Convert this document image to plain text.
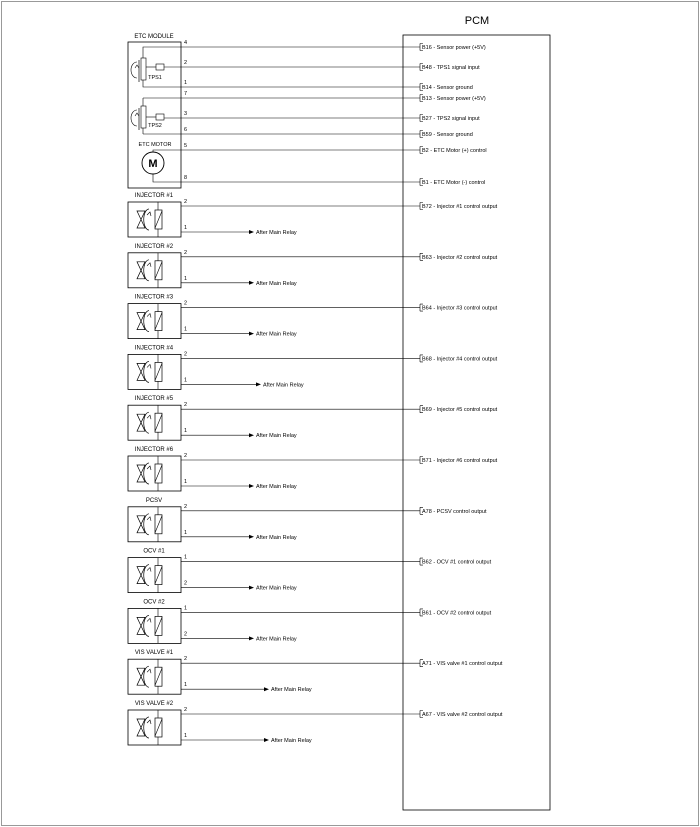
PCM
B16 - Sensor power (+5V)
B48 - TPS1 signal input
B14 - Sensor ground
B13 - Sensor power (+5V)
B27 - TPS2 signal input
B59 - Sensor ground
B2 - ETC Motor (+) control
B1 - ETC Motor (-) control
B72 - Injector #1 control output
B63 - Injector #2 control output
B64 - Injector #3 control output
B68 - Injector #4 control output
B69 - Injector #5 control output
B71 - Injector #6 control output
A78 - PCSV control output
B62 - OCV #1 control output
B61 - OCV #2 control output
A71 - VIS valve #1 control output
A67 - VIS valve #2 control output
ETC MODULE
TPS1
TPS2
ETC MOTOR
M
4
2
1
7
3
6
5
8
INJECTOR #1
2
1
After Main Relay
INJECTOR #2
2
1
After Main Relay
INJECTOR #3
2
1
After Main Relay
INJECTOR #4
2
1
After Main Relay
INJECTOR #5
2
1
After Main Relay
INJECTOR #6
2
1
After Main Relay
PCSV
2
1
After Main Relay
OCV #1
1
2
After Main Relay
OCV #2
1
2
After Main Relay
VIS VALVE #1
2
1
After Main Relay
VIS VALVE #2
2
1
After Main Relay
